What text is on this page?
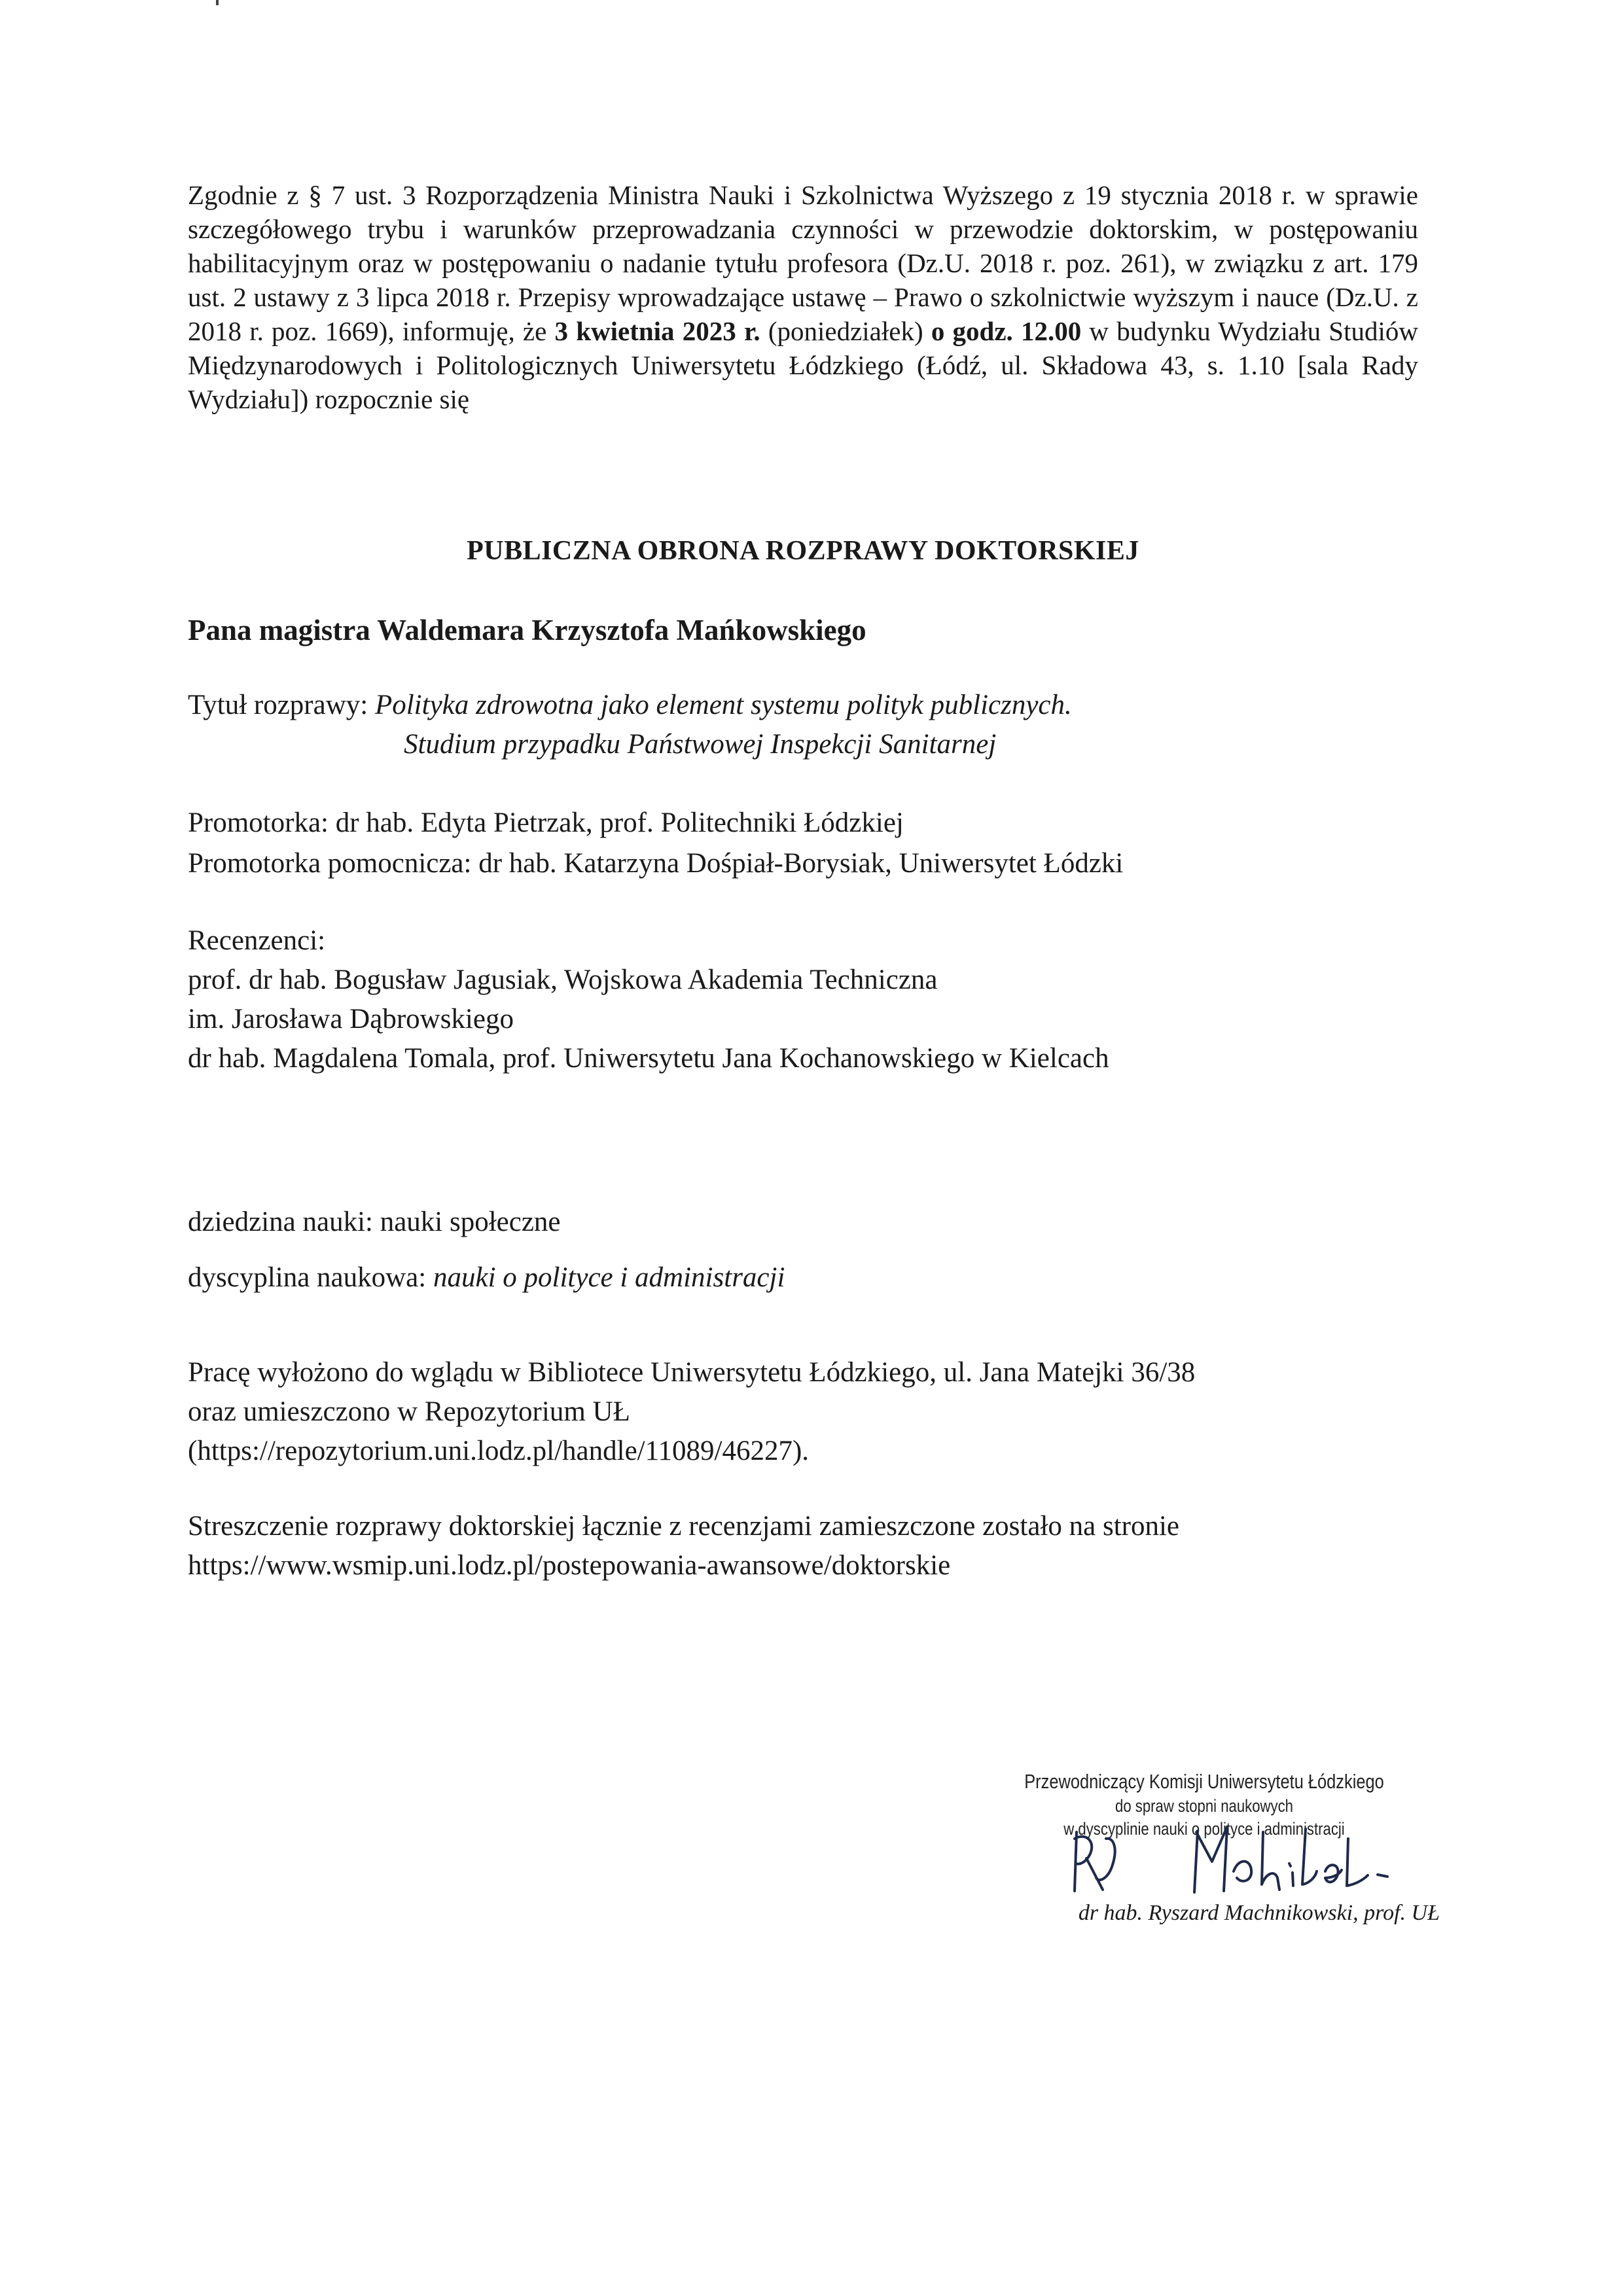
Zgodnie z § 7 ust. 3 Rozporządzenia Ministra Nauki i Szkolnictwa Wyższego z 19 stycznia 2018 r. w sprawie szczegółowego trybu i warunków przeprowadzania czynności w przewodzie doktorskim, w postępowaniu habilitacyjnym oraz w postępowaniu o nadanie tytułu profesora (Dz.U. 2018 r. poz. 261), w związku z art. 179 ust. 2 ustawy z 3 lipca 2018 r. Przepisy wprowadzające ustawę – Prawo o szkolnictwie wyższym i nauce (Dz.U. z 2018 r. poz. 1669), informuję, że 3 kwietnia 2023 r. (poniedziałek) o godz. 12.00 w budynku Wydziału Studiów Międzynarodowych i Politologicznych Uniwersytetu Łódzkiego (Łódź, ul. Składowa 43, s. 1.10 [sala Rady Wydziału]) rozpocznie się

PUBLICZNA OBRONA ROZPRAWY DOKTORSKIEJ
Pana magistra Waldemara Krzysztofa Mańkowskiego
Tytuł rozprawy: Polityka zdrowotna jako element systemu polityk publicznych.
Studium przypadku Państwowej Inspekcji Sanitarnej
Promotorka: dr hab. Edyta Pietrzak, prof. Politechniki Łódzkiej
Promotorka pomocnicza: dr hab. Katarzyna Dośpiał-Borysiak, Uniwersytet Łódzki
Recenzenci:
prof. dr hab. Bogusław Jagusiak, Wojskowa Akademia Techniczna
im. Jarosława Dąbrowskiego
dr hab. Magdalena Tomala, prof. Uniwersytetu Jana Kochanowskiego w Kielcach
dziedzina nauki: nauki społeczne
dyscyplina naukowa: nauki o polityce i administracji
Pracę wyłożono do wglądu w Bibliotece Uniwersytetu Łódzkiego, ul. Jana Matejki 36/38
oraz umieszczono w Repozytorium UŁ
(https://repozytorium.uni.lodz.pl/handle/11089/46227).
Streszczenie rozprawy doktorskiej łącznie z recenzjami zamieszczone zostało na stronie
https://www.wsmip.uni.lodz.pl/postepowania-awansowe/doktorskie
Przewodniczący Komisji Uniwersytetu Łódzkiego
do spraw stopni naukowych
w dyscyplinie nauki o polityce i administracji
dr hab. Ryszard Machnikowski, prof. UŁ
